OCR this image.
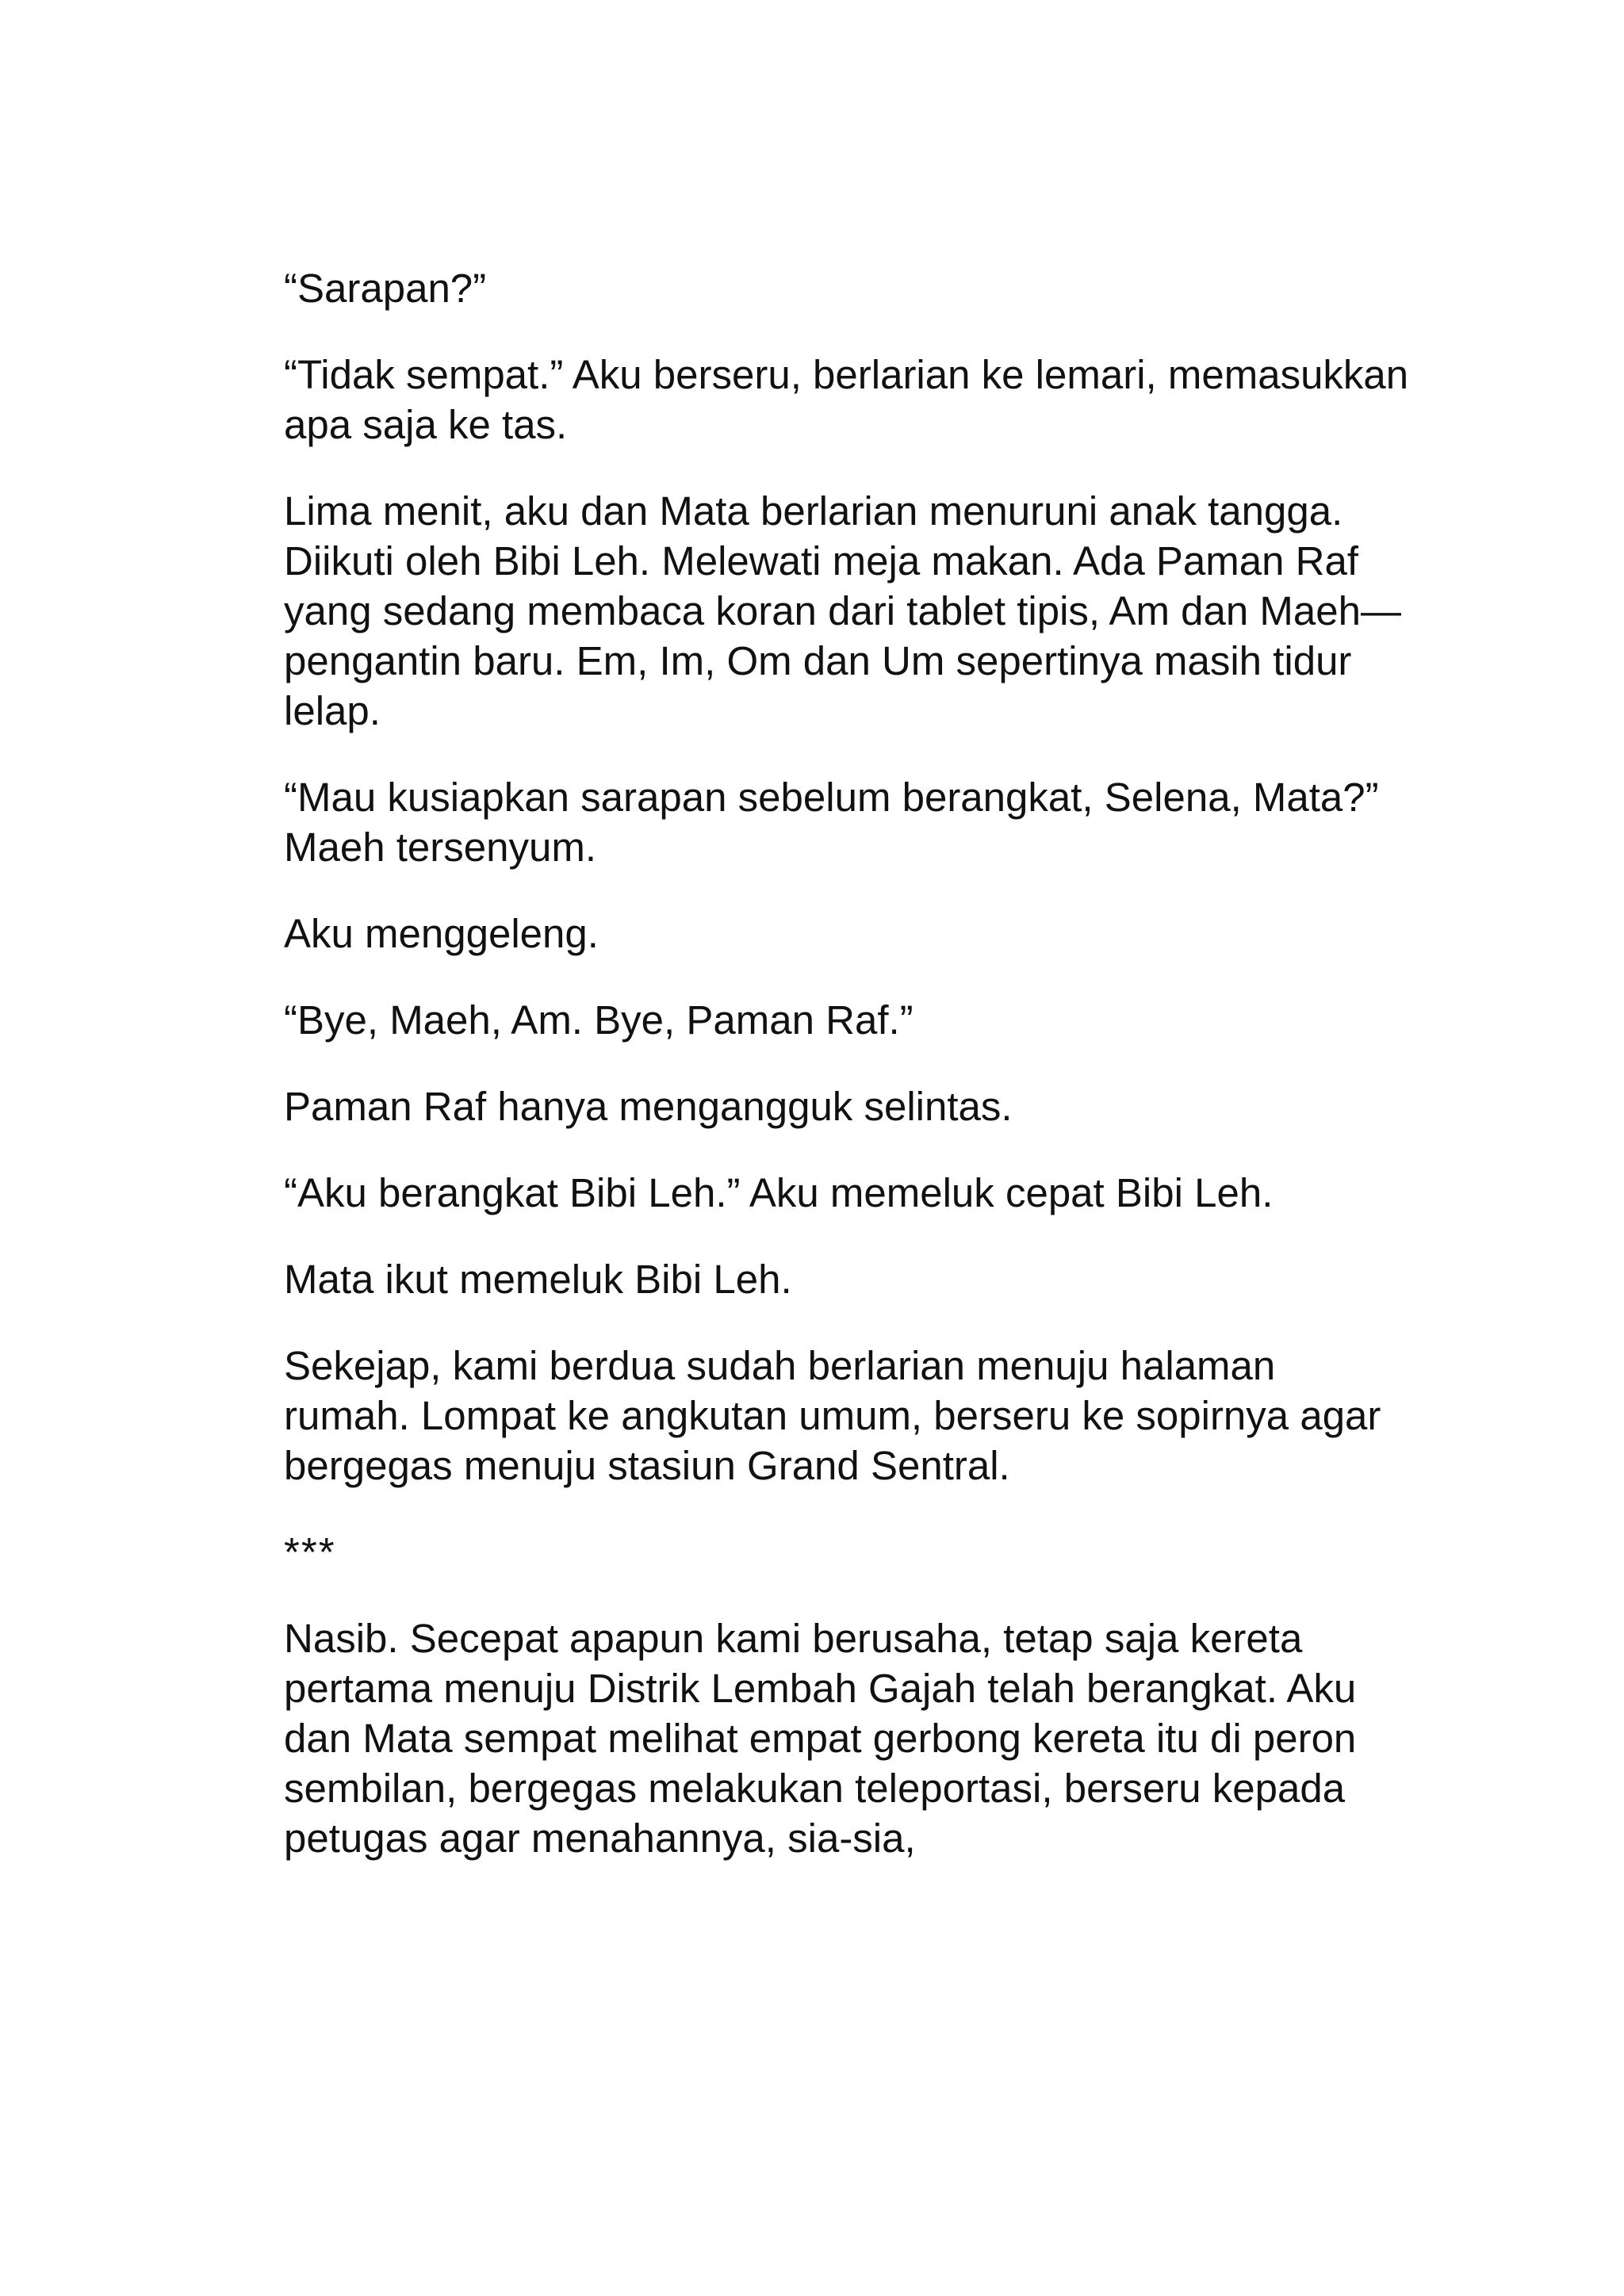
“Sarapan?”

“Tidak sempat.” Aku berseru, berlarian ke lemari, memasukkan apa saja ke tas.

Lima menit, aku dan Mata berlarian menuruni anak tangga. Diikuti oleh Bibi Leh. Melewati meja makan. Ada Paman Raf yang sedang membaca koran dari tablet tipis, Am dan Maeh—pengantin baru. Em, Im, Om dan Um sepertinya masih tidur lelap.

“Mau kusiapkan sarapan sebelum berangkat, Selena, Mata?” Maeh tersenyum.

Aku menggeleng.

“Bye, Maeh, Am. Bye, Paman Raf.”

Paman Raf hanya mengangguk selintas.

“Aku berangkat Bibi Leh.” Aku memeluk cepat Bibi Leh.

Mata ikut memeluk Bibi Leh.

Sekejap, kami berdua sudah berlarian menuju halaman rumah. Lompat ke angkutan umum, berseru ke sopirnya agar bergegas menuju stasiun Grand Sentral.

***

Nasib. Secepat apapun kami berusaha, tetap saja kereta pertama menuju Distrik Lembah Gajah telah berangkat. Aku dan Mata sempat melihat empat gerbong kereta itu di peron sembilan, bergegas melakukan teleportasi, berseru kepada petugas agar menahannya, sia-sia,
